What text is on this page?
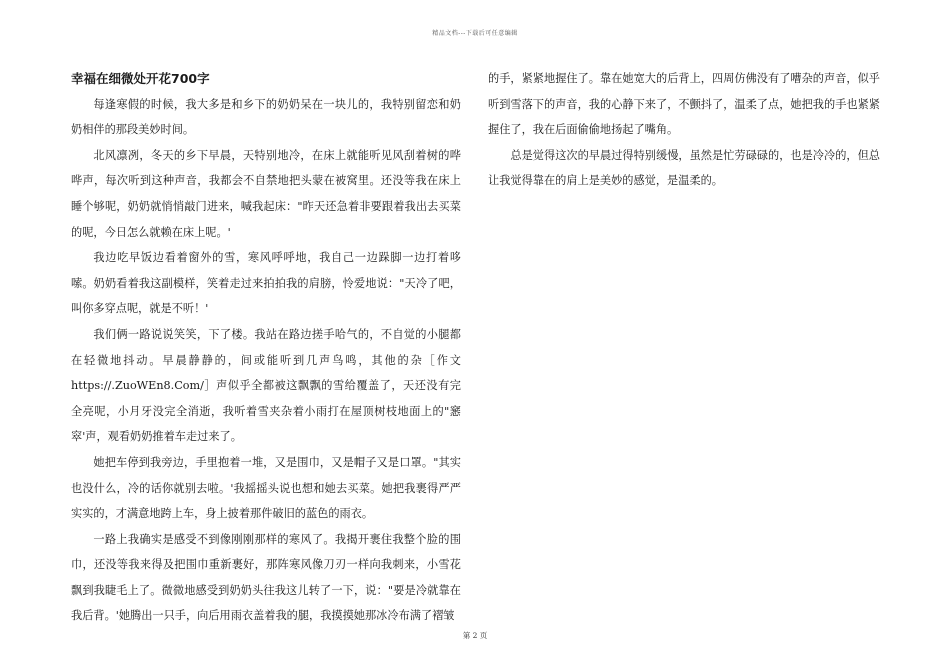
精品文档---下载后可任意编辑
幸福在细微处开花700字

每逢寒假的时候，我大多是和乡下的奶奶呆在一块儿的，我特别留恋和奶奶相伴的那段美妙时间。

北风凛冽，冬天的乡下早晨，天特别地冷，在床上就能听见风刮着树的哗哗声，每次听到这种声音，我都会不自禁地把头蒙在被窝里。还没等我在床上睡个够呢，奶奶就悄悄敲门进来，喊我起床："昨天还急着非要跟着我出去买菜的呢，今日怎么就赖在床上呢。'

我边吃早饭边看着窗外的雪，寒风呼呼地，我自己一边跺脚一边打着哆嗦。奶奶看着我这副模样，笑着走过来拍拍我的肩膀，怜爱地说："天冷了吧，叫你多穿点呢，就是不听！'

我们俩一路说说笑笑，下了楼。我站在路边搓手哈气的，不自觉的小腿都在轻微地抖动。早晨静静的，间或能听到几声鸟鸣，其他的杂［作文https://.ZuoWEn8.Com/］声似乎全都被这飘飘的雪给覆盖了，天还没有完全亮呢，小月牙没完全消逝，我听着雪夹杂着小雨打在屋顶树枝地面上的"窸窣'声，观看奶奶推着车走过来了。

她把车停到我旁边，手里抱着一堆，又是围巾，又是帽子又是口罩。"其实也没什么，冷的话你就别去啦。'我摇摇头说也想和她去买菜。她把我裹得严严实实的，才满意地跨上车，身上披着那件破旧的蓝色的雨衣。

一路上我确实是感受不到像刚刚那样的寒风了。我揭开裹住我整个脸的围巾，还没等我来得及把围巾重新裹好，那阵寒风像刀刃一样向我刺来，小雪花飘到我睫毛上了。微微地感受到奶奶头往我这儿转了一下，说："要是冷就靠在我后背。'她腾出一只手，向后用雨衣盖着我的腿，我摸摸她那冰冷布满了褶皱

的手，紧紧地握住了。靠在她宽大的后背上，四周仿佛没有了嘈杂的声音，似乎听到雪落下的声音，我的心静下来了，不颤抖了，温柔了点，她把我的手也紧紧握住了，我在后面偷偷地扬起了嘴角。

总是觉得这次的早晨过得特别缓慢，虽然是忙劳碌碌的，也是冷冷的，但总让我觉得靠在的肩上是美妙的感觉，是温柔的。

第 2 页
